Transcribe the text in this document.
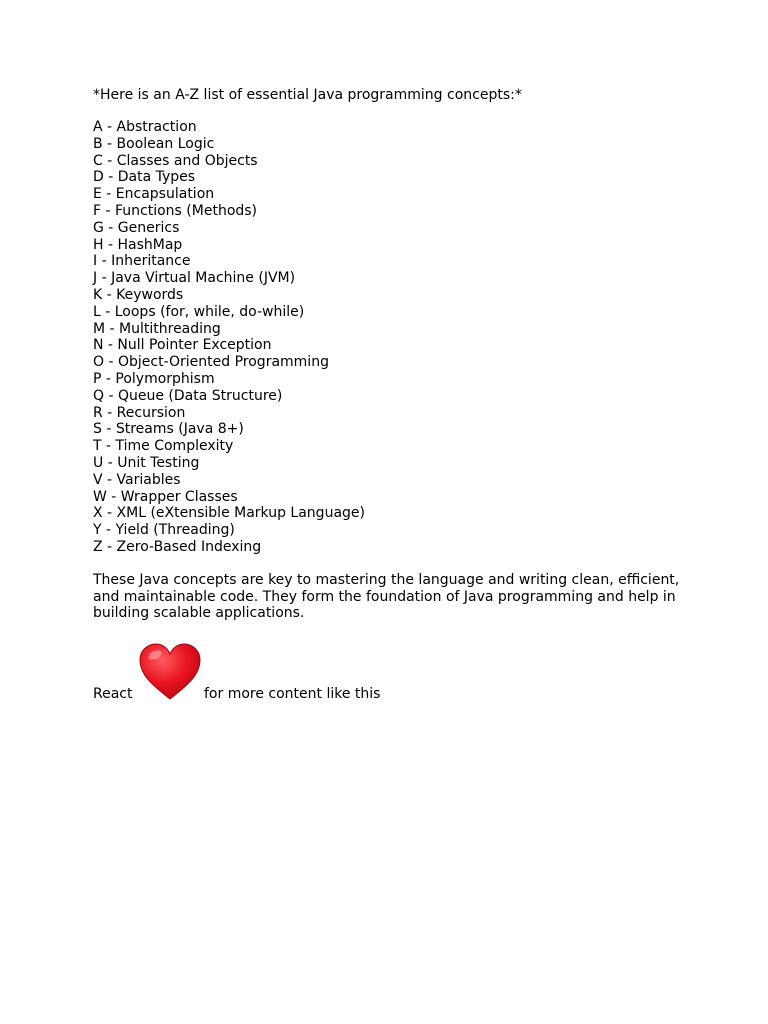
*Here is an A-Z list of essential Java programming concepts:*

A - Abstraction
B - Boolean Logic
C - Classes and Objects
D - Data Types
E - Encapsulation
F - Functions (Methods)
G - Generics
H - HashMap
I - Inheritance
J - Java Virtual Machine (JVM)
K - Keywords
L - Loops (for, while, do-while)
M - Multithreading
N - Null Pointer Exception
O - Object-Oriented Programming
P - Polymorphism
Q - Queue (Data Structure)
R - Recursion
S - Streams (Java 8+)
T - Time Complexity
U - Unit Testing
V - Variables
W - Wrapper Classes
X - XML (eXtensible Markup Language)
Y - Yield (Threading)
Z - Zero-Based Indexing

These Java concepts are key to mastering the language and writing clean, efficient, and maintainable code. They form the foundation of Java programming and help in building scalable applications.

React	for more content like this
